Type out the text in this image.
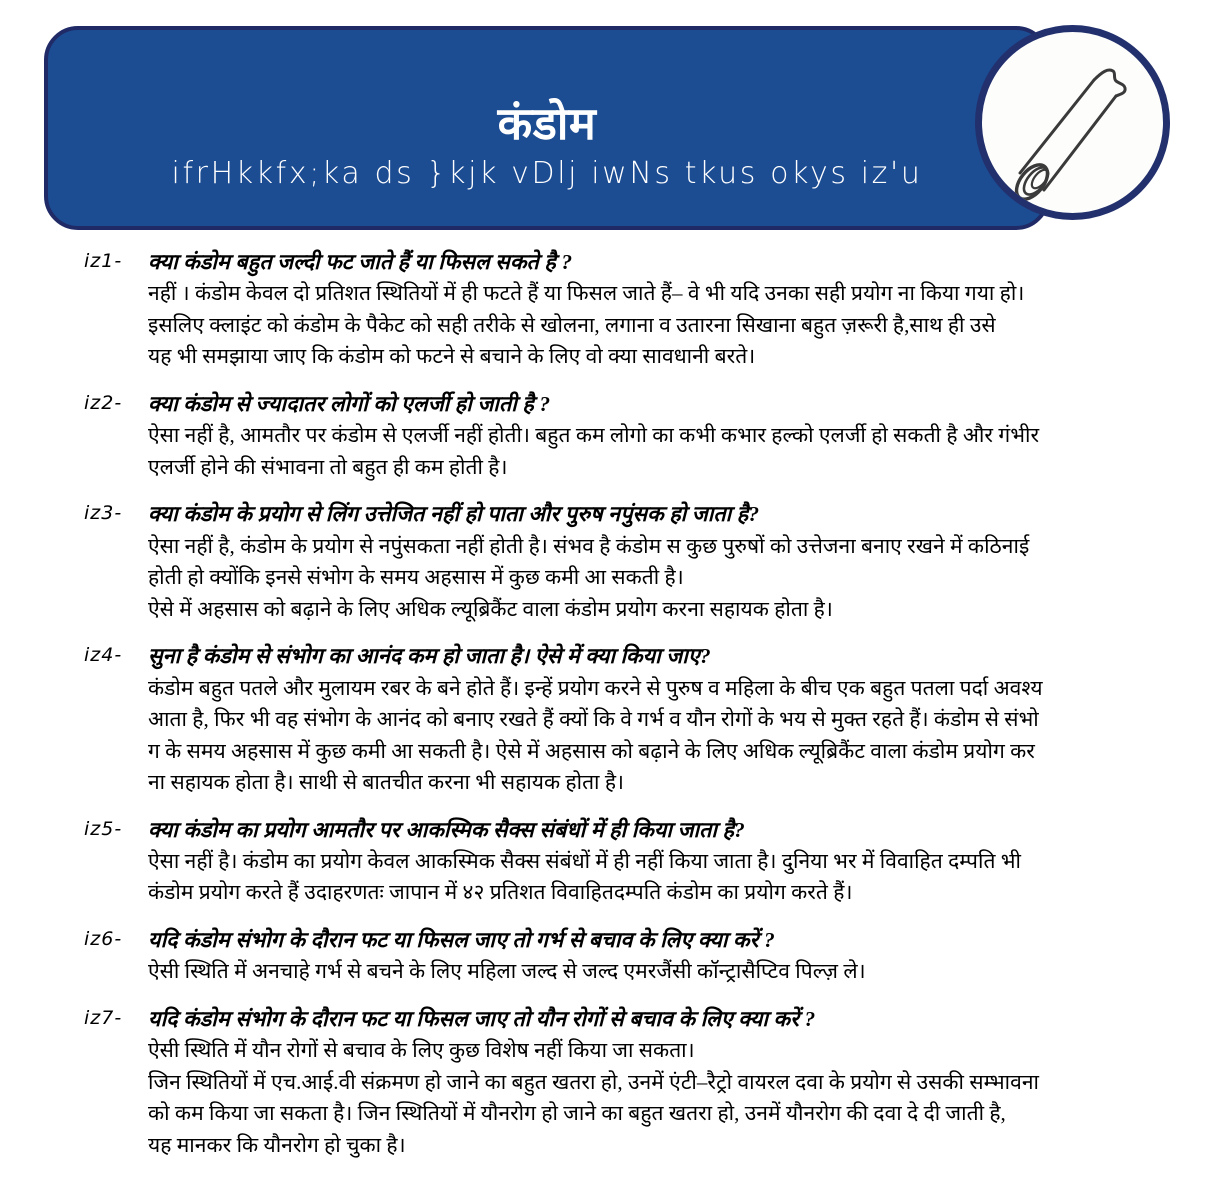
कंडोम
ifrHkkfx;ka ds }kjk vDlj iwNs tkus okys iz'u
iz1-	क्या कंडोम बहुत जल्दी फट जाते हैं या फिसल सकते है ?

नहीं । कंडोम केवल दो प्रतिशत स्थितियों में ही फटते हैं या फिसल जाते हैं– वे भी यदि उनका सही प्रयोग ना किया गया हो।
इसलिए क्लाइंट को कंडोम के पैकेट को सही तरीके से खोलना, लगाना व उतारना सिखाना बहुत ज़रूरी है,साथ ही उसे
यह भी समझाया जाए कि कंडोम को फटने से बचाने के लिए वो क्या सावधानी बरते।
iz2-	क्या कंडोम से ज्यादातर लोगों को एलर्जी हो जाती है ?

ऐसा नहीं है, आमतौर पर कंडोम से एलर्जी नहीं होती। बहुत कम लोगो का कभी कभार हल्को एलर्जी हो सकती है और गंभीर
एलर्जी होने की संभावना तो बहुत ही कम होती है।
iz3-	क्या कंडोम के प्रयोग से लिंग उत्तेजित नहीं हो पाता और पुरुष नपुंसक हो जाता है?

ऐसा नहीं है, कंडोम के प्रयोग से नपुंसकता नहीं होती है। संभव है कंडोम स कुछ पुरुषों को उत्तेजना बनाए रखने में कठिनाई
होती हो क्योंकि इनसे संभोग के समय अहसास में कुछ कमी आ सकती है।
ऐसे में अहसास को बढ़ाने के लिए अधिक ल्यूब्रिकैंट वाला कंडोम प्रयोग करना सहायक होता है।
iz4-	सुना है कंडोम से संभोग का आनंद कम हो जाता है। ऐसे में क्या किया जाए?

कंडोम बहुत पतले और मुलायम रबर के बने होते हैं। इन्हें प्रयोग करने से पुरुष व महिला के बीच एक बहुत पतला पर्दा अवश्य
आता है, फिर भी वह संभोग के आनंद को बनाए रखते हैं क्यों कि वे गर्भ व यौन रोगों के भय से मुक्त रहते हैं। कंडोम से संभो
ग के समय अहसास में कुछ कमी आ सकती है। ऐसे में अहसास को बढ़ाने के लिए अधिक ल्यूब्रिकैंट वाला कंडोम प्रयोग कर
ना सहायक होता है। साथी से बातचीत करना भी सहायक होता है।
iz5-	क्या कंडोम का प्रयोग आमतौर पर आकस्मिक सैक्स संबंधों में ही किया जाता है?

ऐसा नहीं है। कंडोम का प्रयोग केवल आकस्मिक सैक्स संबंधों में ही नहीं किया जाता है। दुनिया भर में विवाहित दम्पति भी
कंडोम प्रयोग करते हैं उदाहरणतः जापान में ४२ प्रतिशत विवाहितदम्पति कंडोम का प्रयोग करते हैं।
iz6-	यदि कंडोम संभोग के दौरान फट या फिसल जाए तो गर्भ से बचाव के लिए क्या करें ?

ऐसी स्थिति में अनचाहे गर्भ से बचने के लिए महिला जल्द से जल्द एमरजैंसी कॉन्ट्रासैप्टिव पिल्ज़ ले।
iz7-	यदि कंडोम संभोग के दौरान फट या फिसल जाए तो यौन रोगों से बचाव के लिए क्या करें ?

ऐसी स्थिति में यौन रोगों से बचाव के लिए कुछ विशेष नहीं किया जा सकता।
जिन स्थितियों में एच.आई.वी संक्रमण हो जाने का बहुत खतरा हो, उनमें एंटी–रैट्रो वायरल दवा के प्रयोग से उसकी सम्भावना
को कम किया जा सकता है। जिन स्थितियों में यौनरोग हो जाने का बहुत खतरा हो, उनमें यौनरोग की दवा दे दी जाती है,
यह मानकर कि यौनरोग हो चुका है।
